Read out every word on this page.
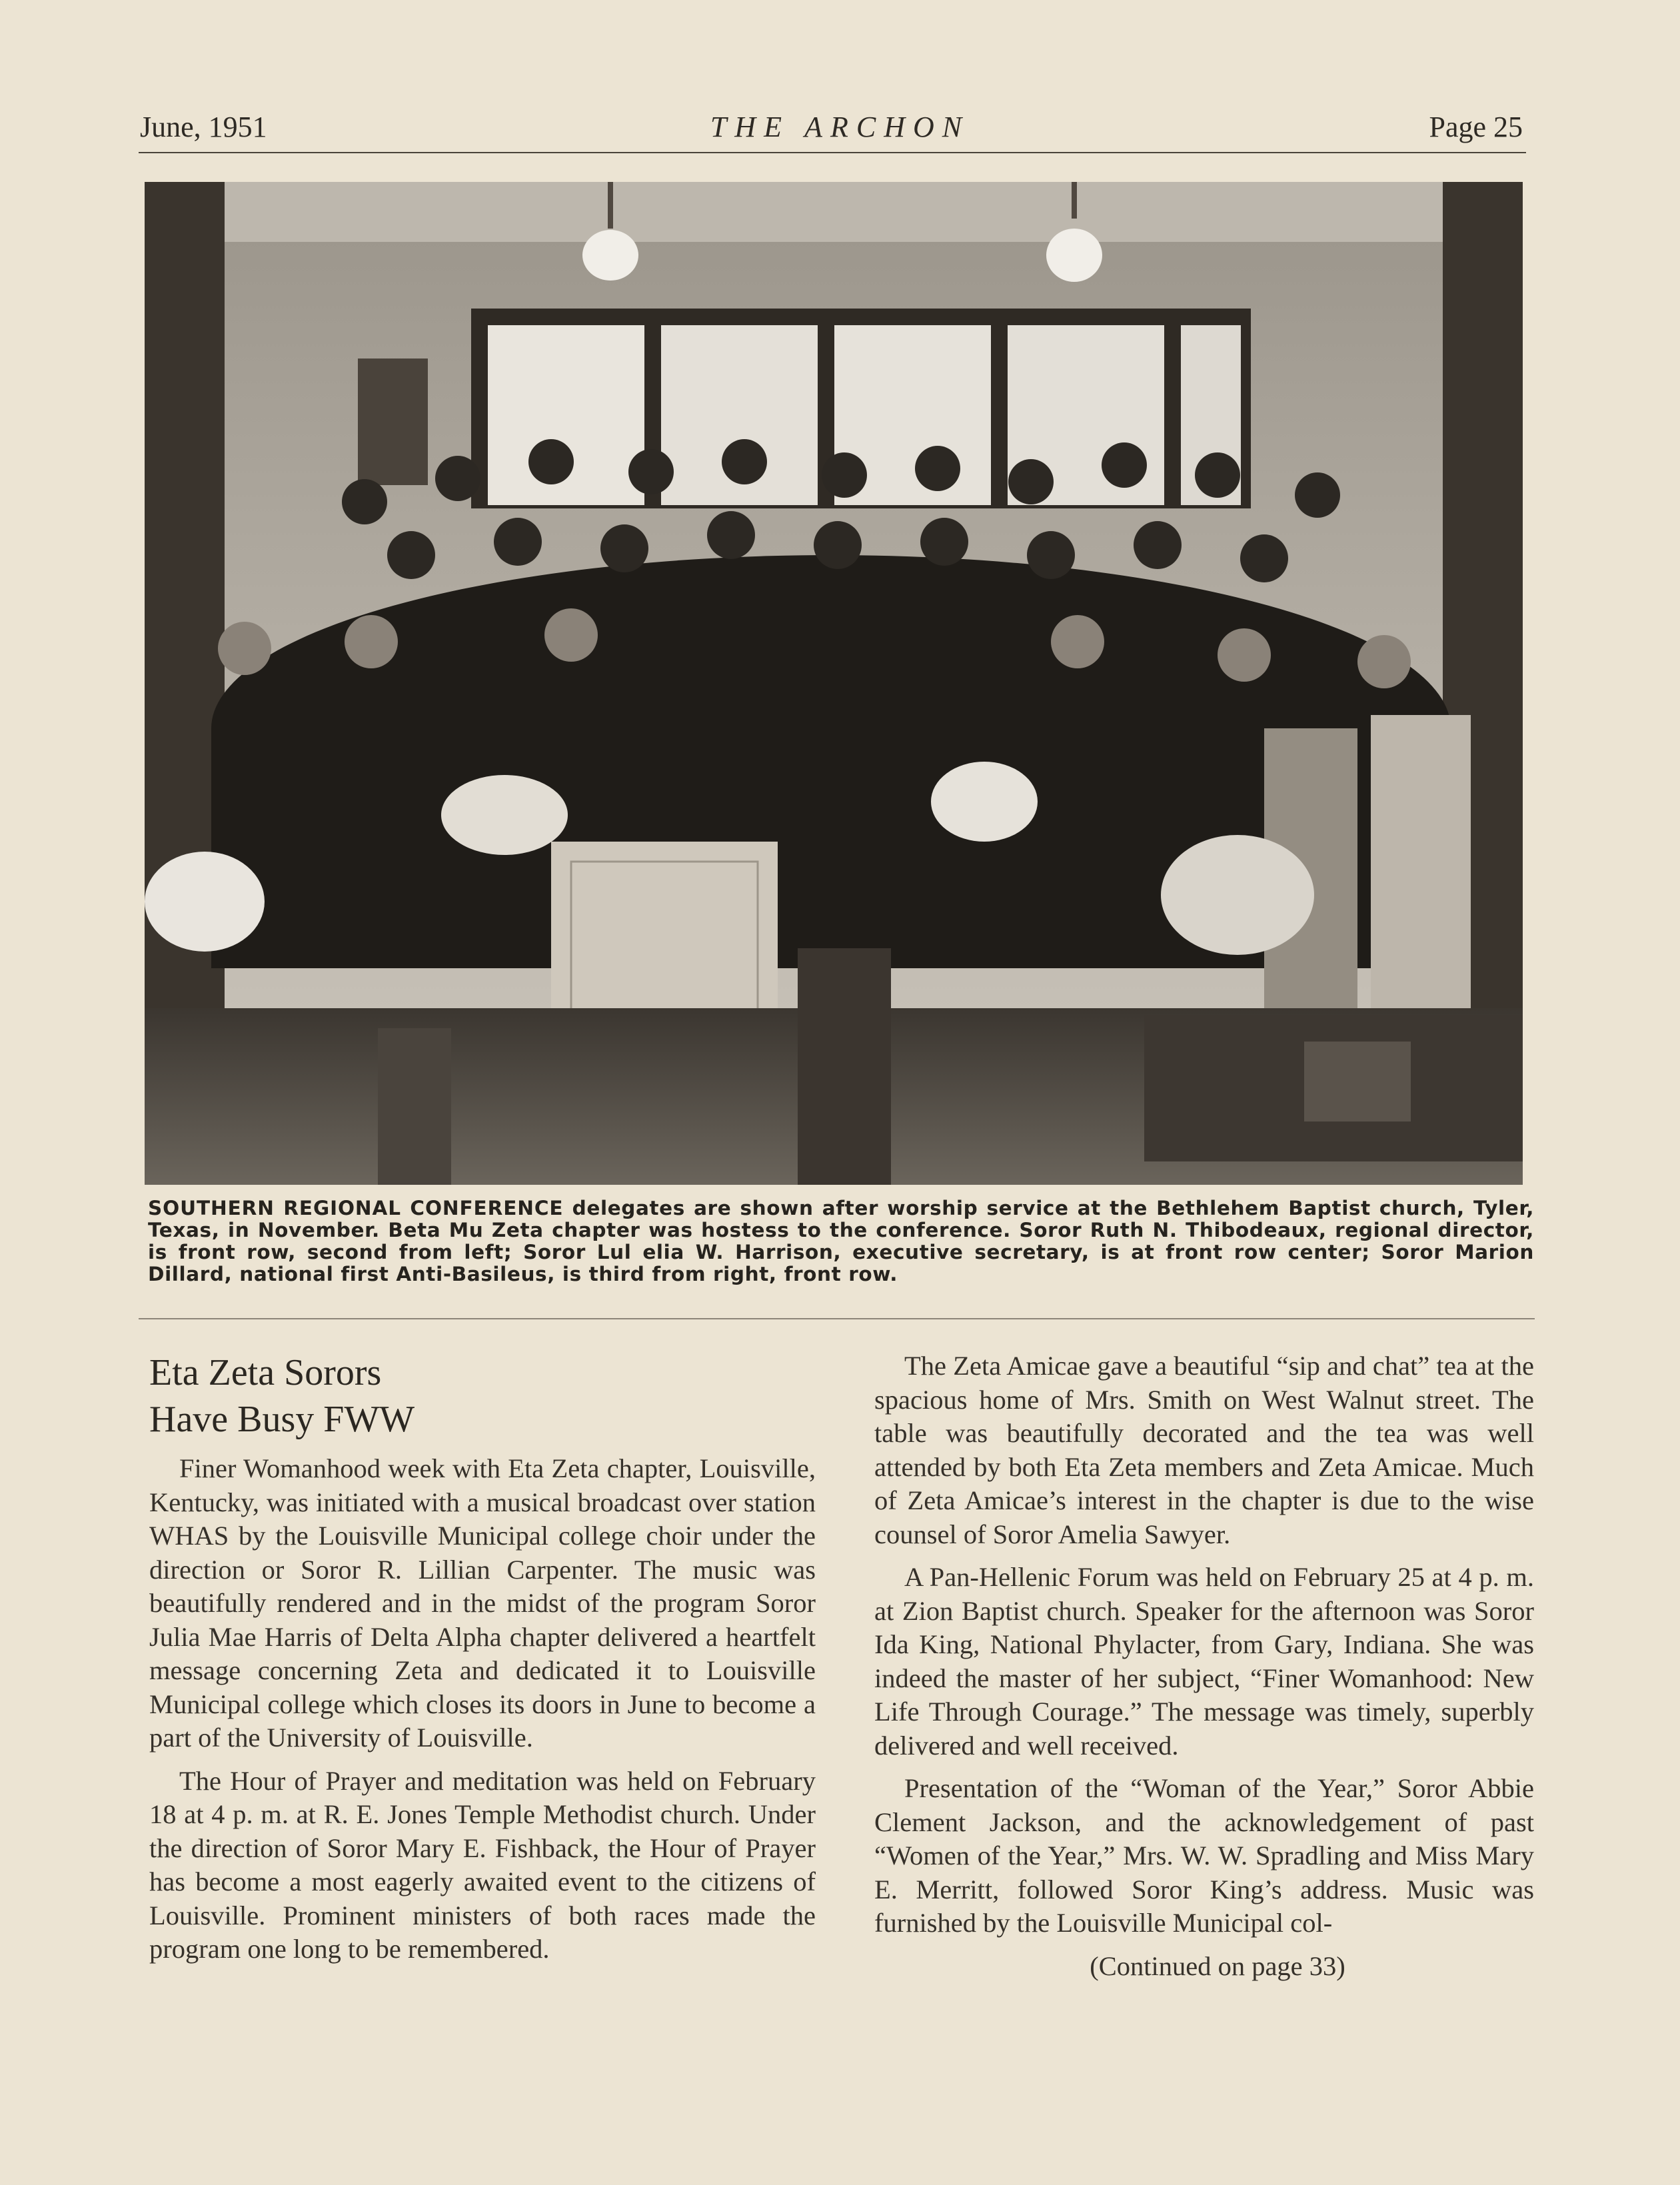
THE ARCHON
June, 1951	Page 25
SOUTHERN REGIONAL CONFERENCE delegates are shown after worship service at the Bethlehem Baptist church, Tyler, Texas, in November. Beta Mu Zeta chapter was hostess to the conference. Soror Ruth N. Thibodeaux, regional director, is front row, second from left; Soror Lul elia W. Harrison, executive secretary, is at front row center; Soror Marion Dillard, national first Anti-Basileus, is third from right, front row.
Eta Zeta Sorors
Have Busy FWW

Finer Womanhood week with Eta Zeta chapter, Louisville, Kentucky, was initiated with a musical broadcast over station WHAS by the Louisville Municipal college choir under the direction or Soror R. Lillian Carpenter. The music was beautifully rendered and in the midst of the program Soror Julia Mae Harris of Delta Alpha chapter delivered a heartfelt message concerning Zeta and dedicated it to Louisville Municipal college which closes its doors in June to become a part of the University of Louisville.

The Hour of Prayer and meditation was held on February 18 at 4 p. m. at R. E. Jones Temple Methodist church. Under the direction of Soror Mary E. Fishback, the Hour of Prayer has become a most eagerly awaited event to the citizens of Louisville. Prominent ministers of both races made the program one long to be remembered.

The Zeta Amicae gave a beautiful “sip and chat” tea at the spacious home of Mrs. Smith on West Walnut street. The table was beautifully decorated and the tea was well attended by both Eta Zeta members and Zeta Amicae. Much of Zeta Amicae’s interest in the chapter is due to the wise counsel of Soror Amelia Sawyer.

A Pan-Hellenic Forum was held on February 25 at 4 p. m. at Zion Baptist church. Speaker for the afternoon was Soror Ida King, National Phylacter, from Gary, Indiana. She was indeed the master of her subject, “Finer Womanhood: New Life Through Courage.” The message was timely, superbly delivered and well received.

Presentation of the “Woman of the Year,” Soror Abbie Clement Jackson, and the acknowledgement of past “Women of the Year,” Mrs. W. W. Spradling and Miss Mary E. Merritt, followed Soror King’s address. Music was furnished by the Louisville Municipal col-

(Continued on page 33)
